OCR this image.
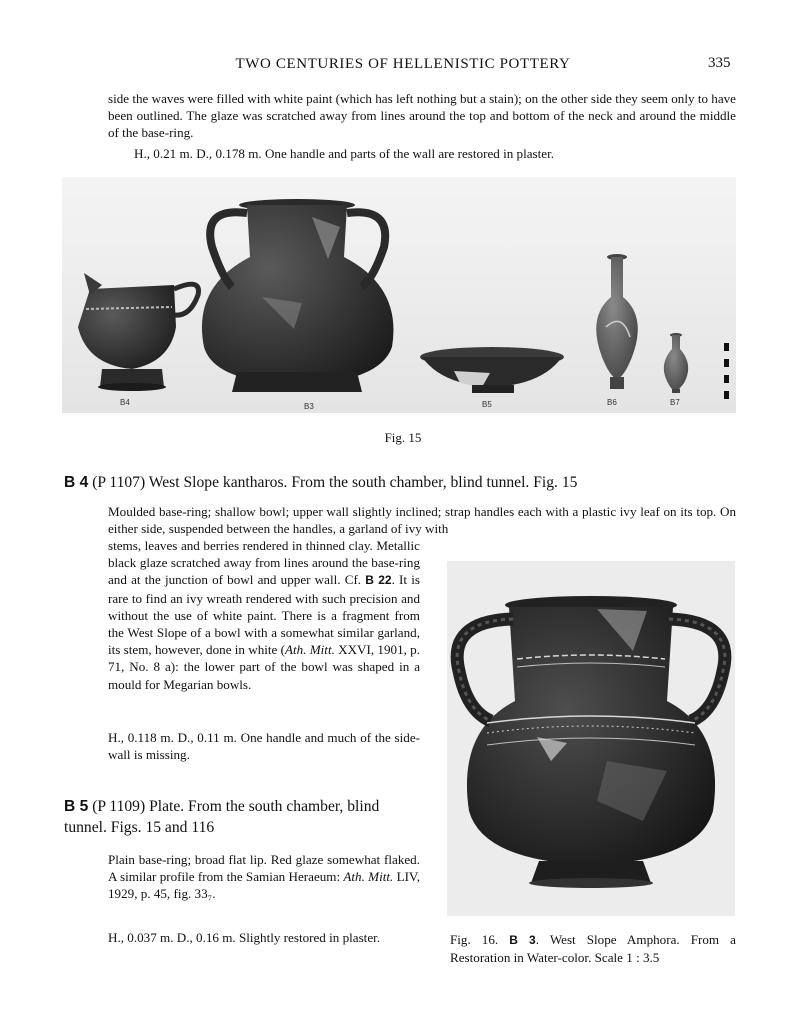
TWO CENTURIES OF HELLENISTIC POTTERY	335
side the waves were filled with white paint (which has left nothing but a stain); on the other side they seem only to have been outlined. The glaze was scratched away from lines around the top and bottom of the neck and around the middle of the base-ring.
H., 0.21 m. D., 0.178 m. One handle and parts of the wall are restored in plaster.
B4	B3	B5	B6	B7
Fig. 15
B 4 (P 1107) West Slope kantharos. From the south chamber, blind tunnel. Fig. 15
Moulded base-ring; shallow bowl; upper wall slightly inclined; strap handles each with a plastic ivy leaf on its top. On either side, suspended between the handles, a garland of ivy with
stems, leaves and berries rendered in thinned clay. Metallic black glaze scratched away from lines around the base-ring and at the junction of bowl and upper wall. Cf. B 22. It is rare to find an ivy wreath rendered with such precision and without the use of white paint. There is a fragment from the West Slope of a bowl with a somewhat similar garland, its stem, however, done in white (Ath. Mitt. XXVI, 1901, p. 71, No. 8 a): the lower part of the bowl was shaped in a mould for Megarian bowls.
H., 0.118 m. D., 0.11 m. One handle and much of the side-wall is missing.
B 5 (P 1109) Plate. From the south chamber, blind tunnel. Figs. 15 and 116
Plain base-ring; broad flat lip. Red glaze somewhat flaked. A similar profile from the Samian Heraeum: Ath. Mitt. LIV, 1929, p. 45, fig. 33₇.
H., 0.037 m. D., 0.16 m. Slightly restored in plaster.	Fig. 16. B 3. West Slope Amphora. From a Restoration in Water-color. Scale 1 : 3.5
